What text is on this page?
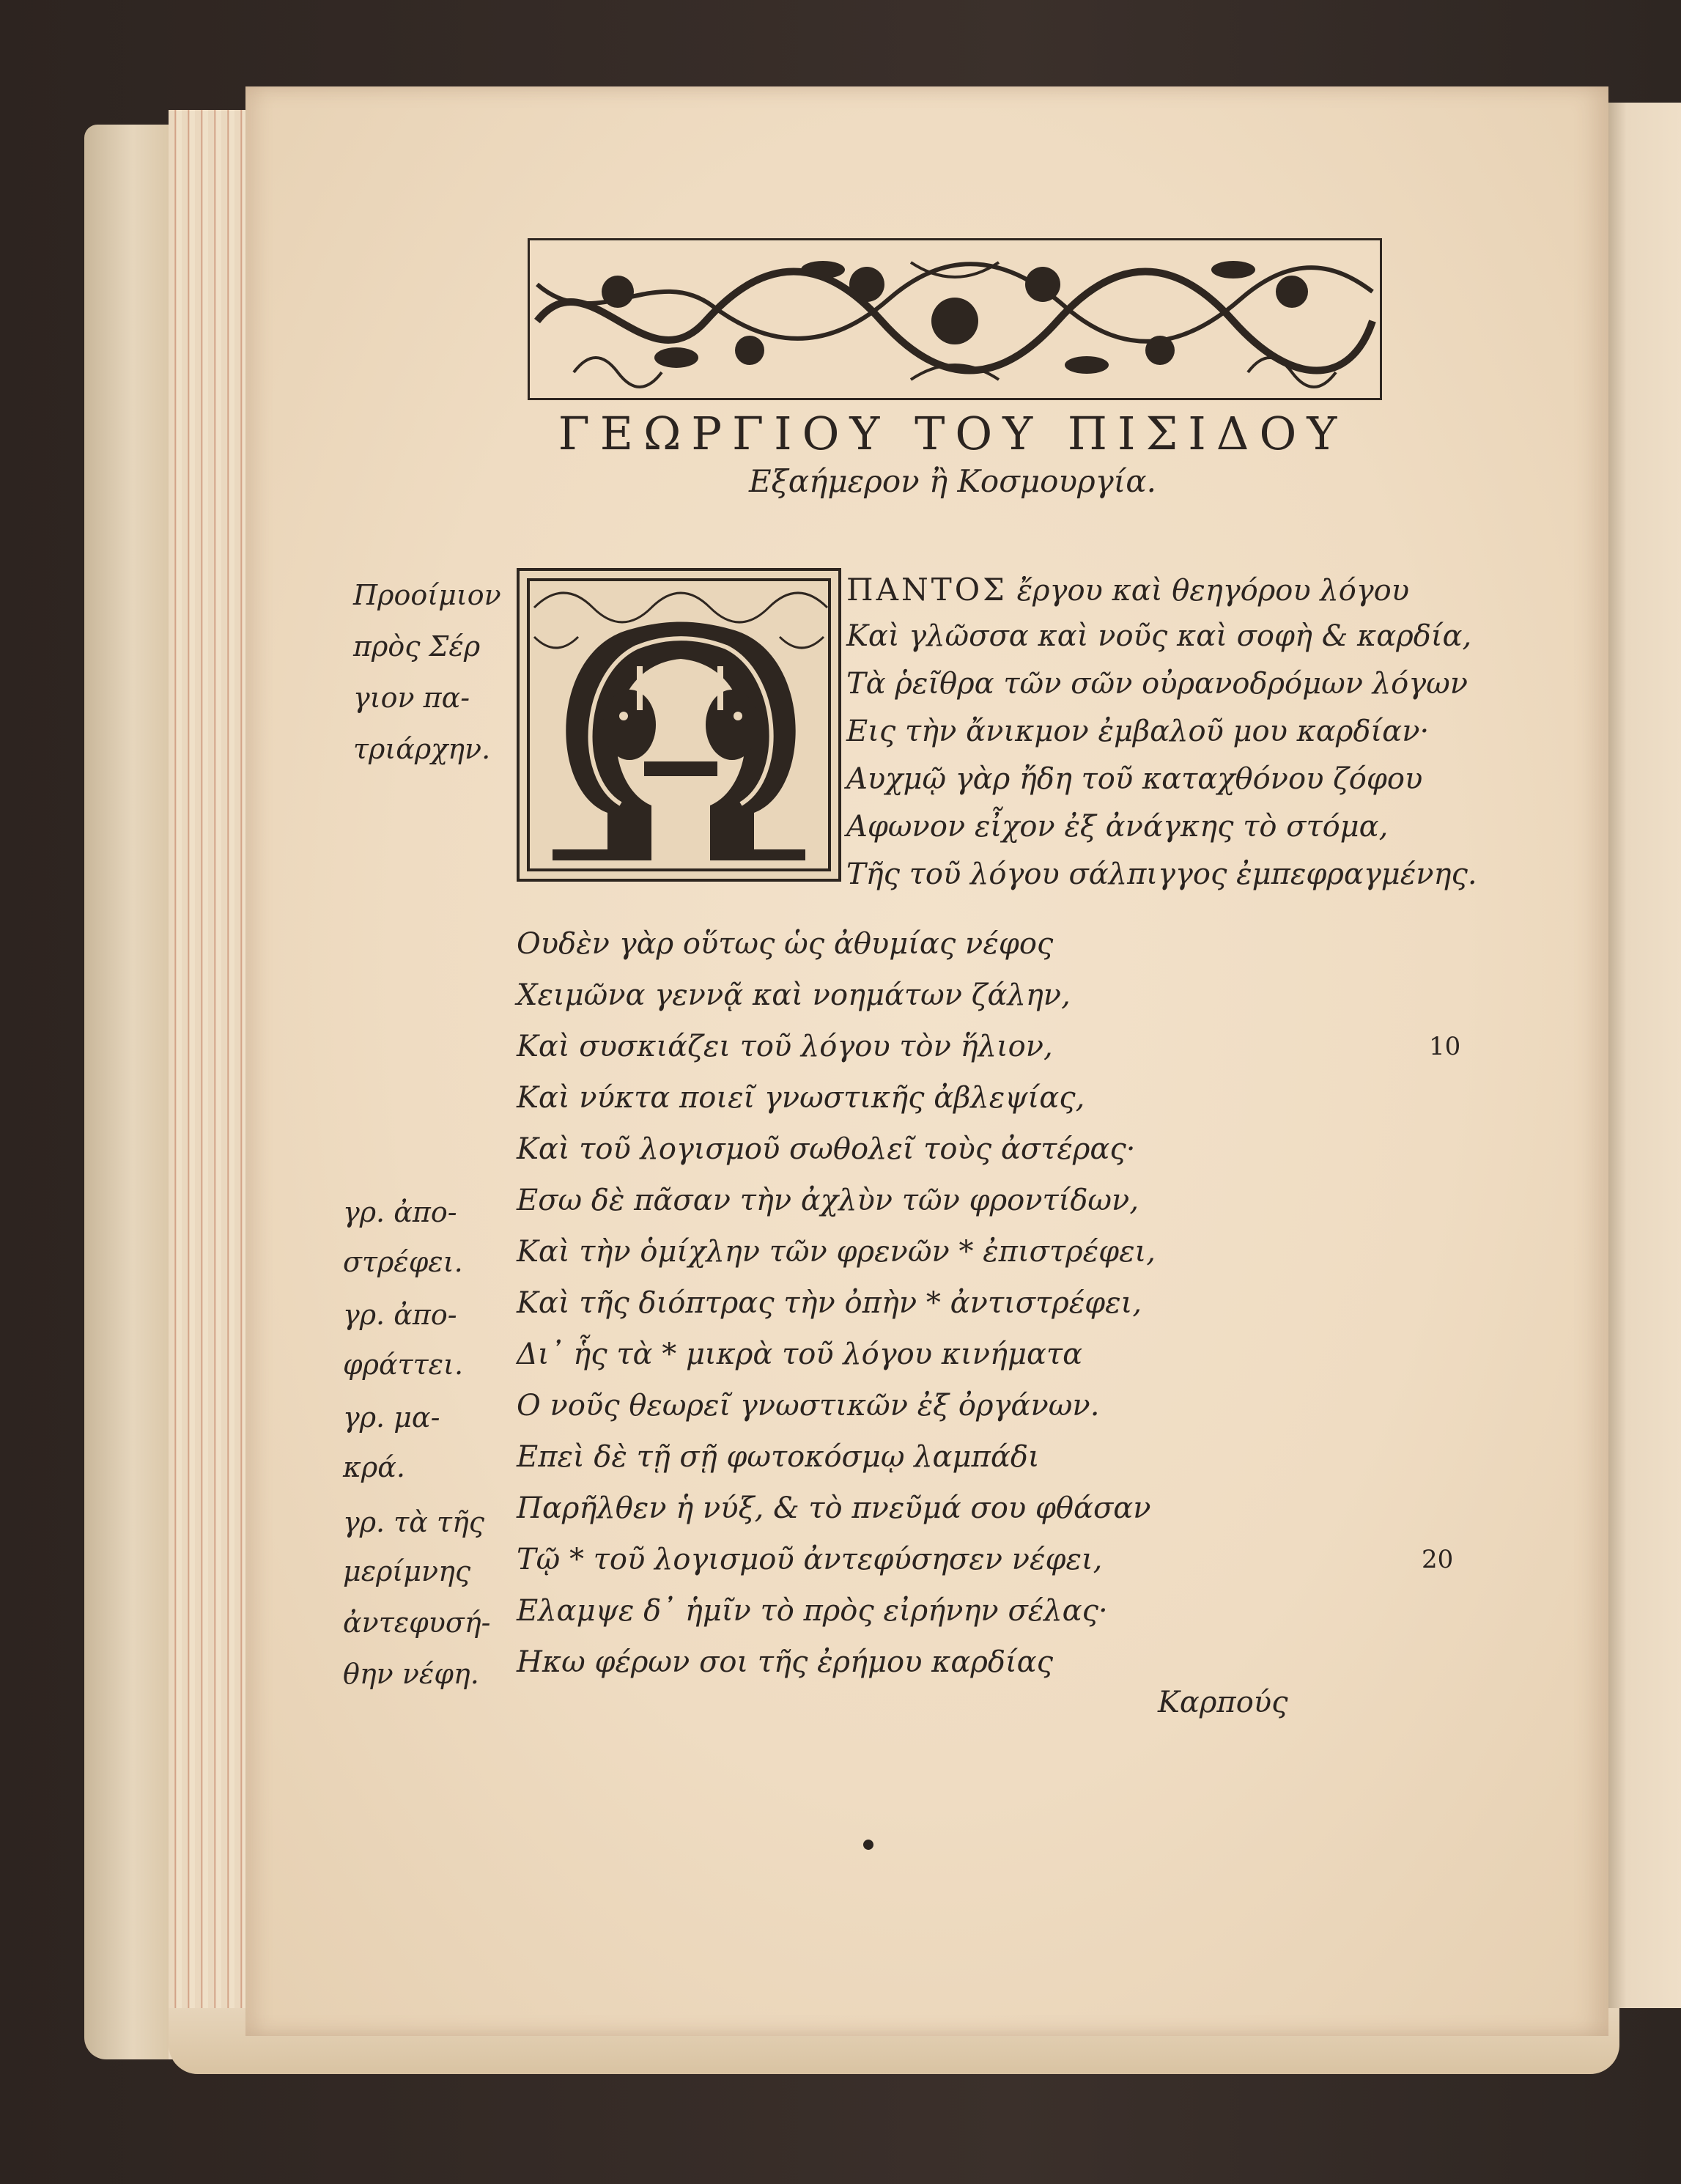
ΓΕΩΡΓΙΟΥ ΤΟΥ ΠΙΣΙΔΟΥ
Εξαήμερον ἢ Κοσμουργία.
Προοίμιον
πρὸς Σέρ
γιον πα-
τριάρχην.
ΠΑΝΤΟΣ ἔργου καὶ θεηγόρου λόγου
Καὶ γλῶσσα καὶ νοῦς καὶ σοφὴ & καρδία,
Τὰ ῥεῖθρα τῶν σῶν οὐρανοδρόμων λόγων
Εις τὴν ἄνικμον ἐμβαλοῦ μου καρδίαν·
Αυχμῷ γὰρ ἤδη τοῦ καταχθόνου ζόφου
Αφωνον εἶχον ἐξ ἀνάγκης τὸ στόμα,
Τῆς τοῦ λόγου σάλπιγγος ἐμπεφραγμένης.
Ουδὲν γὰρ οὕτως ὡς ἀθυμίας νέφος
Χειμῶνα γεννᾷ καὶ νοημάτων ζάλην,
Καὶ συσκιάζει τοῦ λόγου τὸν ἥλιον,
Καὶ νύκτα ποιεῖ γνωστικῆς ἀβλεψίας,
Καὶ τοῦ λογισμοῦ σωθολεῖ τοὺς ἀστέρας·
Εσω δὲ πᾶσαν τὴν ἀχλὺν τῶν φροντίδων,
Καὶ τὴν ὁμίχλην τῶν φρενῶν * ἐπιστρέφει,
Καὶ τῆς διόπτρας τὴν ὀπὴν * ἀντιστρέφει,
Δι᾽ ἧς τὰ * μικρὰ τοῦ λόγου κινήματα
Ο νοῦς θεωρεῖ γνωστικῶν ἐξ ὀργάνων.
Επεὶ δὲ τῇ σῇ φωτοκόσμῳ λαμπάδι
Παρῆλθεν ἡ νύξ, & τὸ πνεῦμά σου φθάσαν
Τῷ * τοῦ λογισμοῦ ἀντεφύσησεν νέφει,
Ελαμψε δ᾽ ἡμῖν τὸ πρὸς εἰρήνην σέλας·
Ηκω φέρων σοι τῆς ἐρήμου καρδίας
γρ. ἀπο-
στρέφει.
γρ. ἀπο-
φράττει.
γρ. μα-
κρά.
γρ. τὰ τῆς
μερίμνης
ἀντεφυσή-
θην νέφη.
10
20
Καρπούς
